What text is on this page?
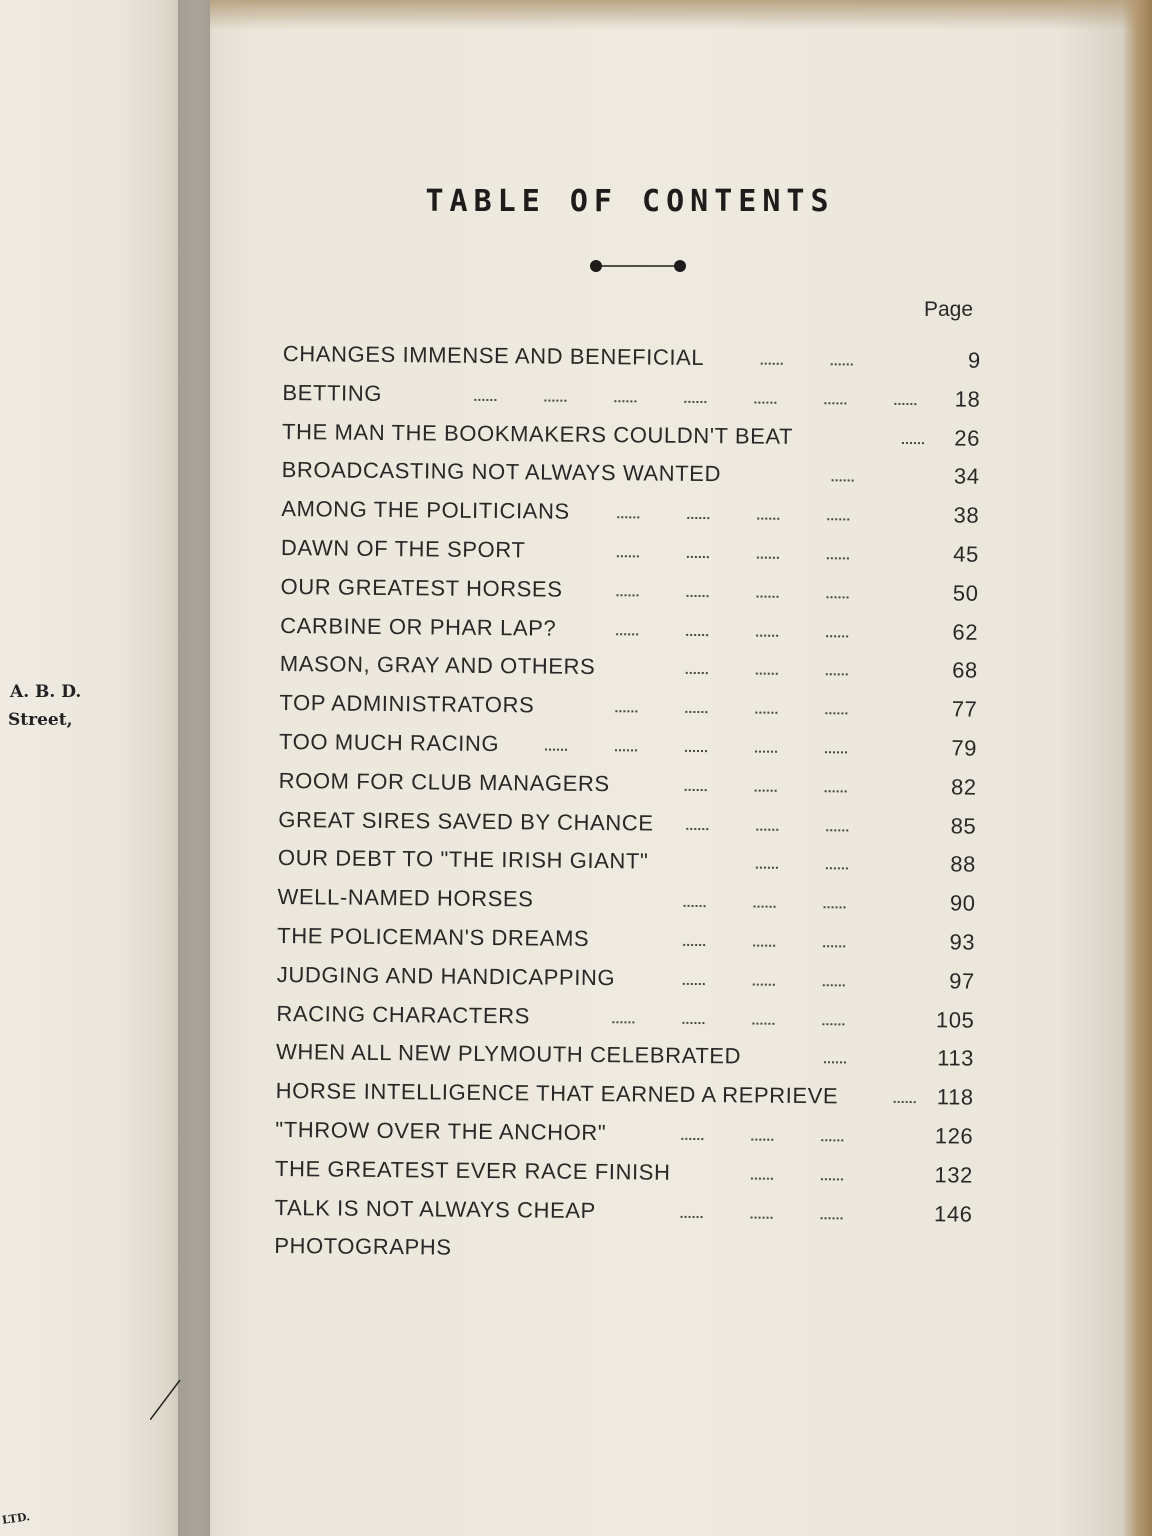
A. B. D.
Street,
LTD.
TABLE OF CONTENTS
Page
CHANGES IMMENSE AND BENEFICIAL	9
BETTING	18
THE MAN THE BOOKMAKERS COULDN'T BEAT	26
BROADCASTING NOT ALWAYS WANTED	34
AMONG THE POLITICIANS	38
DAWN OF THE SPORT	45
OUR GREATEST HORSES	50
CARBINE OR PHAR LAP?	62
MASON, GRAY AND OTHERS	68
TOP ADMINISTRATORS	77
TOO MUCH RACING	79
ROOM FOR CLUB MANAGERS	82
GREAT SIRES SAVED BY CHANCE	85
OUR DEBT TO "THE IRISH GIANT"	88
WELL-NAMED HORSES	90
THE POLICEMAN'S DREAMS	93
JUDGING AND HANDICAPPING	97
RACING CHARACTERS	105
WHEN ALL NEW PLYMOUTH CELEBRATED	113
HORSE INTELLIGENCE THAT EARNED A REPRIEVE	118
"THROW OVER THE ANCHOR"	126
THE GREATEST EVER RACE FINISH	132
TALK IS NOT ALWAYS CHEAP	146
PHOTOGRAPHS
